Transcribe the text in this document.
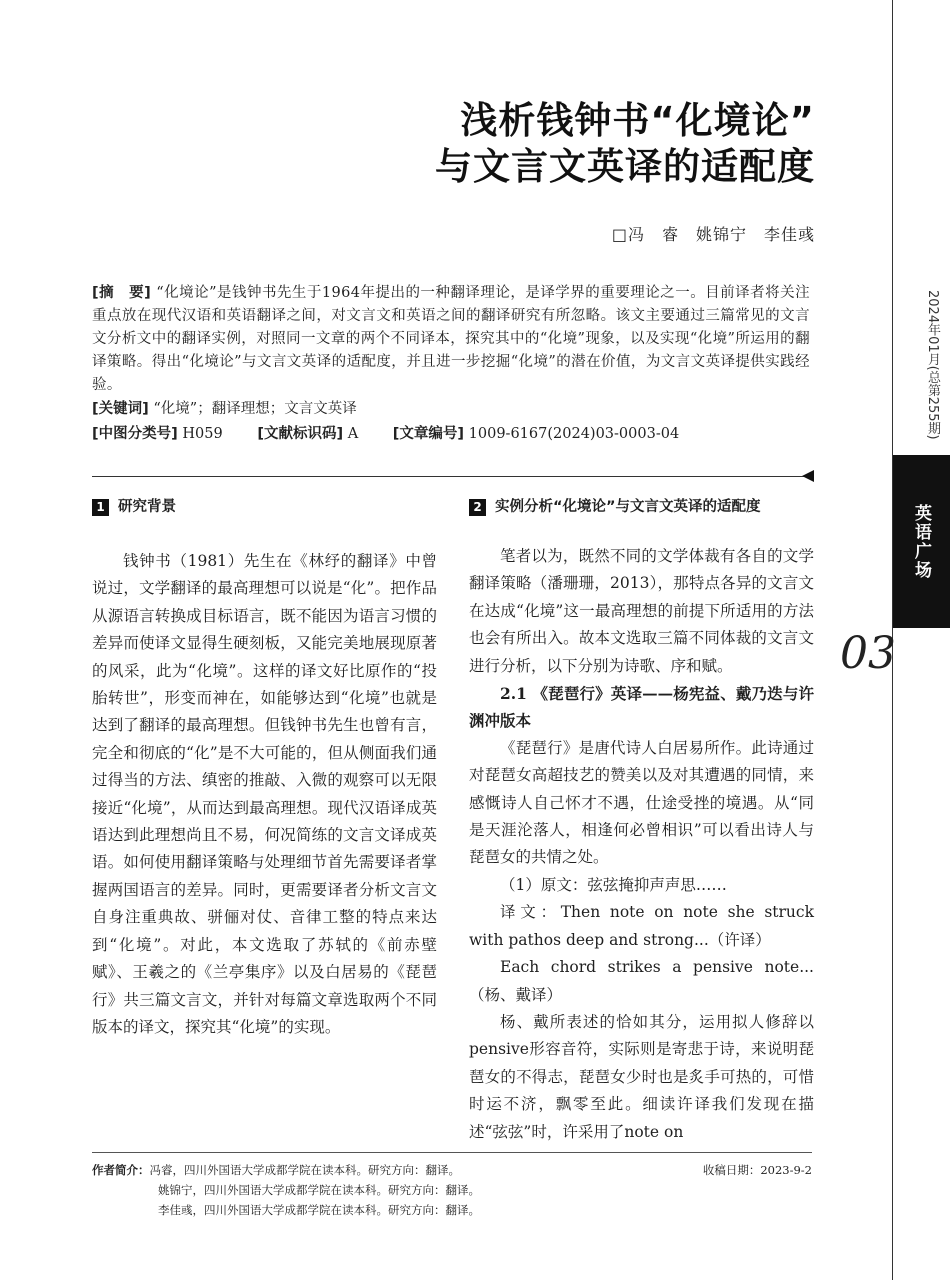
2024年01月(总第255期)
英语广场
03
浅析钱钟书“化境论”
与文言文英译的适配度
□冯　睿　姚锦宁　李佳彧
[摘　要] “化境论”是钱钟书先生于1964年提出的一种翻译理论，是译学界的重要理论之一。目前译者将关注重点放在现代汉语和英语翻译之间，对文言文和英语之间的翻译研究有所忽略。该文主要通过三篇常见的文言文分析文中的翻译实例，对照同一文章的两个不同译本，探究其中的“化境”现象，以及实现“化境”所运用的翻译策略。得出“化境论”与文言文英译的适配度，并且进一步挖掘“化境”的潜在价值，为文言文英译提供实践经验。
[关键词] “化境”；翻译理想；文言文英译
[中图分类号] H059 [文献标识码] A [文章编号] 1009-6167(2024)03-0003-04
1 研究背景

钱钟书（1981）先生在《林纾的翻译》中曾说过，文学翻译的最高理想可以说是“化”。把作品从源语言转换成目标语言，既不能因为语言习惯的差异而使译文显得生硬刻板，又能完美地展现原著的风采，此为“化境”。这样的译文好比原作的“投胎转世”，形变而神在，如能够达到“化境”也就是达到了翻译的最高理想。但钱钟书先生也曾有言，完全和彻底的“化”是不大可能的，但从侧面我们通过得当的方法、缜密的推敲、入微的观察可以无限接近“化境”，从而达到最高理想。现代汉语译成英语达到此理想尚且不易，何况简练的文言文译成英语。如何使用翻译策略与处理细节首先需要译者掌握两国语言的差异。同时，更需要译者分析文言文自身注重典故、骈俪对仗、音律工整的特点来达到“化境”。对此，本文选取了苏轼的《前赤壁赋》、王羲之的《兰亭集序》以及白居易的《琵琶行》共三篇文言文，并针对每篇文章选取两个不同版本的译文，探究其“化境”的实现。

2 实例分析“化境论”与文言文英译的适配度

笔者以为，既然不同的文学体裁有各自的文学翻译策略（潘珊珊，2013），那特点各异的文言文在达成“化境”这一最高理想的前提下所适用的方法也会有所出入。故本文选取三篇不同体裁的文言文进行分析，以下分别为诗歌、序和赋。

2.1 《琵琶行》英译——杨宪益、戴乃迭与许渊冲版本

《琵琶行》是唐代诗人白居易所作。此诗通过对琵琶女高超技艺的赞美以及对其遭遇的同情，来感慨诗人自己怀才不遇，仕途受挫的境遇。从“同是天涯沦落人，相逢何必曾相识”可以看出诗人与琵琶女的共情之处。

（1）原文：弦弦掩抑声声思……

译文：Then note on note she struck with pathos deep and strong...（许译）

Each chord strikes a pensive note...（杨、戴译）

杨、戴所表述的恰如其分，运用拟人修辞以pensive形容音符，实际则是寄悲于诗，来说明琵琶女的不得志，琵琶女少时也是炙手可热的，可惜时运不济，飘零至此。细读许译我们发现在描述“弦弦”时，许采用了note on

作者简介： 冯睿，四川外国语大学成都学院在读本科。研究方向：翻译。
姚锦宁，四川外国语大学成都学院在读本科。研究方向：翻译。
李佳彧，四川外国语大学成都学院在读本科。研究方向：翻译。
收稿日期：2023-9-2
